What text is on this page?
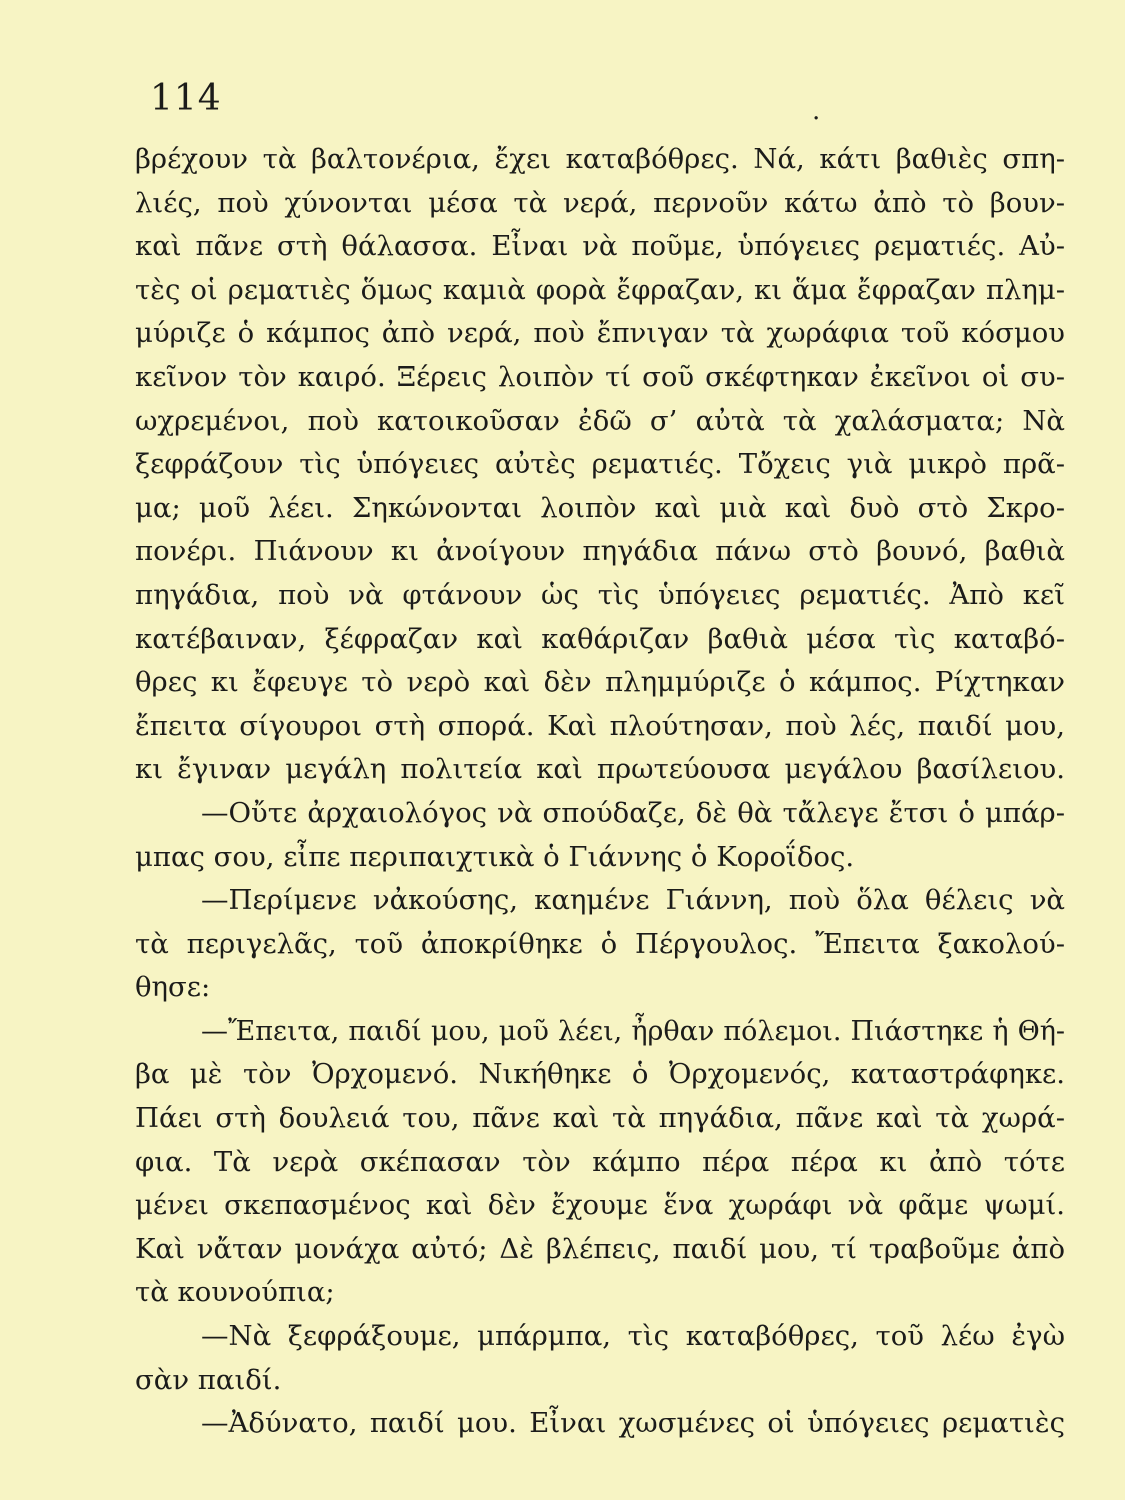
114	.
βρέχουν τὰ βαλτονέρια, ἔχει καταβόθρες. Νά, κάτι βαθιὲς σπη-
λιές, ποὺ χύνονται μέσα τὰ νερά, περνοῦν κάτω ἀπὸ τὸ βουν-
καὶ πᾶνε στὴ θάλασσα. Εἶναι νὰ ποῦμε, ὑπόγειες ρεματιές. Αὐ-
τὲς οἱ ρεματιὲς ὅμως καμιὰ φορὰ ἔφραζαν, κι ἅμα ἔφραζαν πλημ-
μύριζε ὁ κάμπος ἀπὸ νερά, ποὺ ἔπνιγαν τὰ χωράφια τοῦ κόσμου
κεῖνον τὸν καιρό. Ξέρεις λοιπὸν τί σοῦ σκέφτηκαν ἐκεῖνοι οἱ συ-
ωχρεμένοι, ποὺ κατοικοῦσαν ἐδῶ σ’ αὐτὰ τὰ χαλάσματα; Νὰ
ξεφράζουν τὶς ὑπόγειες αὐτὲς ρεματιές. Τὄχεις γιὰ μικρὸ πρᾶ-
μα; μοῦ λέει. Σηκώνονται λοιπὸν καὶ μιὰ καὶ δυὸ στὸ Σκρο-
πονέρι. Πιάνουν κι ἀνοίγουν πηγάδια πάνω στὸ βουνό, βαθιὰ
πηγάδια, ποὺ νὰ φτάνουν ὡς τὶς ὑπόγειες ρεματιές. Ἀπὸ κεῖ
κατέβαιναν, ξέφραζαν καὶ καθάριζαν βαθιὰ μέσα τὶς καταβό-
θρες κι ἔφευγε τὸ νερὸ καὶ δὲν πλημμύριζε ὁ κάμπος. Ρίχτηκαν
ἔπειτα σίγουροι στὴ σπορά. Καὶ πλούτησαν, ποὺ λές, παιδί μου,
κι ἔγιναν μεγάλη πολιτεία καὶ πρωτεύουσα μεγάλου βασίλειου.
—Οὔτε ἀρχαιολόγος νὰ σπούδαζε, δὲ θὰ τἄλεγε ἔτσι ὁ μπάρ-
μπας σου, εἶπε περιπαιχτικὰ ὁ Γιάννης ὁ Κοροΐδος.
—Περίμενε νἀκούσης, καημένε Γιάννη, ποὺ ὅλα θέλεις νὰ
τὰ περιγελᾶς, τοῦ ἀποκρίθηκε ὁ Πέργουλος. Ἔπειτα ξακολού-
θησε:
—Ἔπειτα, παιδί μου, μοῦ λέει, ἦρθαν πόλεμοι. Πιάστηκε ἡ Θή-
βα μὲ τὸν Ὀρχομενό. Νικήθηκε ὁ Ὀρχομενός, καταστράφηκε.
Πάει στὴ δουλειά του, πᾶνε καὶ τὰ πηγάδια, πᾶνε καὶ τὰ χωρά-
φια. Τὰ νερὰ σκέπασαν τὸν κάμπο πέρα πέρα κι ἀπὸ τότε
μένει σκεπασμένος καὶ δὲν ἔχουμε ἕνα χωράφι νὰ φᾶμε ψωμί.
Καὶ νἄταν μονάχα αὐτό; Δὲ βλέπεις, παιδί μου, τί τραβοῦμε ἀπὸ
τὰ κουνούπια;
—Νὰ ξεφράξουμε, μπάρμπα, τὶς καταβόθρες, τοῦ λέω ἐγὼ
σὰν παιδί.
—Ἀδύνατο, παιδί μου. Εἶναι χωσμένες οἱ ὑπόγειες ρεματιὲς
